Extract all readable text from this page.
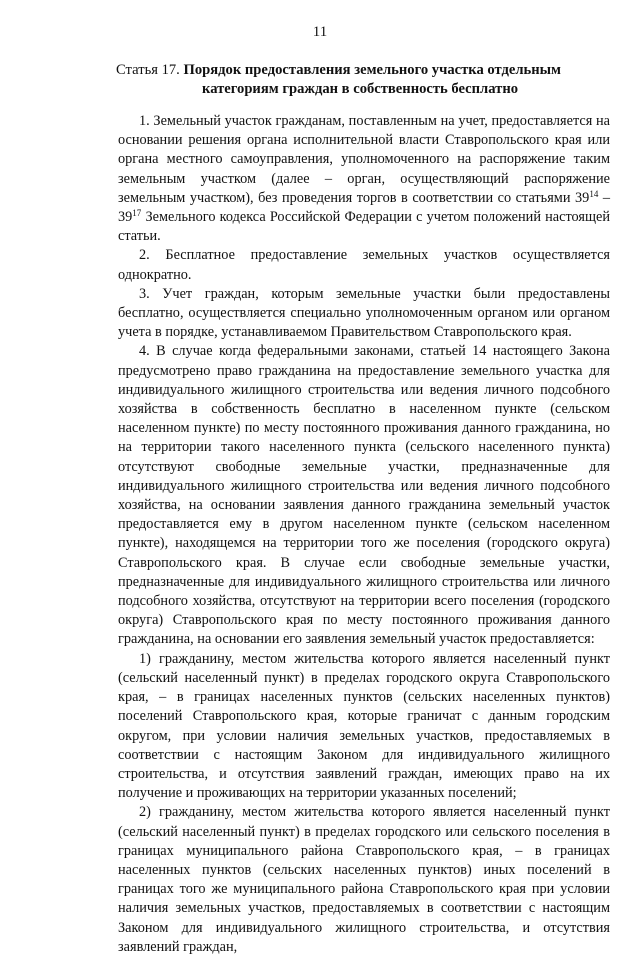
11
Статья 17. Порядок предоставления земельного участка отдельным
категориям граждан в собственность бесплатно

1. Земельный участок гражданам, поставленным на учет, предоставляется на основании решения органа исполнительной власти Ставропольского края или органа местного самоуправления, уполномоченного на распоряжение таким земельным участком (далее – орган, осуществляющий распоряжение земельным участком), без проведения торгов в соответствии со статьями $39^{14} - 39^{17}$ Земельного кодекса Российской Федерации с учетом положений настоящей статьи.

2. Бесплатное предоставление земельных участков осуществляется однократно.

3. Учет граждан, которым земельные участки были предоставлены бесплатно, осуществляется специально уполномоченным органом или органом учета в порядке, устанавливаемом Правительством Ставропольского края.

4. В случае когда федеральными законами, статьей 14 настоящего Закона предусмотрено право гражданина на предоставление земельного участка для индивидуального жилищного строительства или ведения личного подсобного хозяйства в собственность бесплатно в населенном пункте (сельском населенном пункте) по месту постоянного проживания данного гражданина, но на территории такого населенного пункта (сельского населенного пункта) отсутствуют свободные земельные участки, предназначенные для индивидуального жилищного строительства или ведения личного подсобного хозяйства, на основании заявления данного гражданина земельный участок предоставляется ему в другом населенном пункте (сельском населенном пункте), находящемся на территории того же поселения (городского округа) Ставропольского края. В случае если свободные земельные участки, предназначенные для индивидуального жилищного строительства или личного подсобного хозяйства, отсутствуют на территории всего поселения (городского округа) Ставропольского края по месту постоянного проживания данного гражданина, на основании его заявления земельный участок предоставляется:

1) гражданину, местом жительства которого является населенный пункт (сельский населенный пункт) в пределах городского округа Ставропольского края, – в границах населенных пунктов (сельских населенных пунктов) поселений Ставропольского края, которые граничат с данным городским округом, при условии наличия земельных участков, предоставляемых в соответствии с настоящим Законом для индивидуального жилищного строительства, и отсутствия заявлений граждан, имеющих право на их получение и проживающих на территории указанных поселений;

2) гражданину, местом жительства которого является населенный пункт (сельский населенный пункт) в пределах городского или сельского поселения в границах муниципального района Ставропольского края, – в границах населенных пунктов (сельских населенных пунктов) иных поселений в границах того же муниципального района Ставропольского края при условии наличия земельных участков, предоставляемых в соответствии с настоящим Законом для индивидуального жилищного строительства, и отсутствия заявлений граждан,
